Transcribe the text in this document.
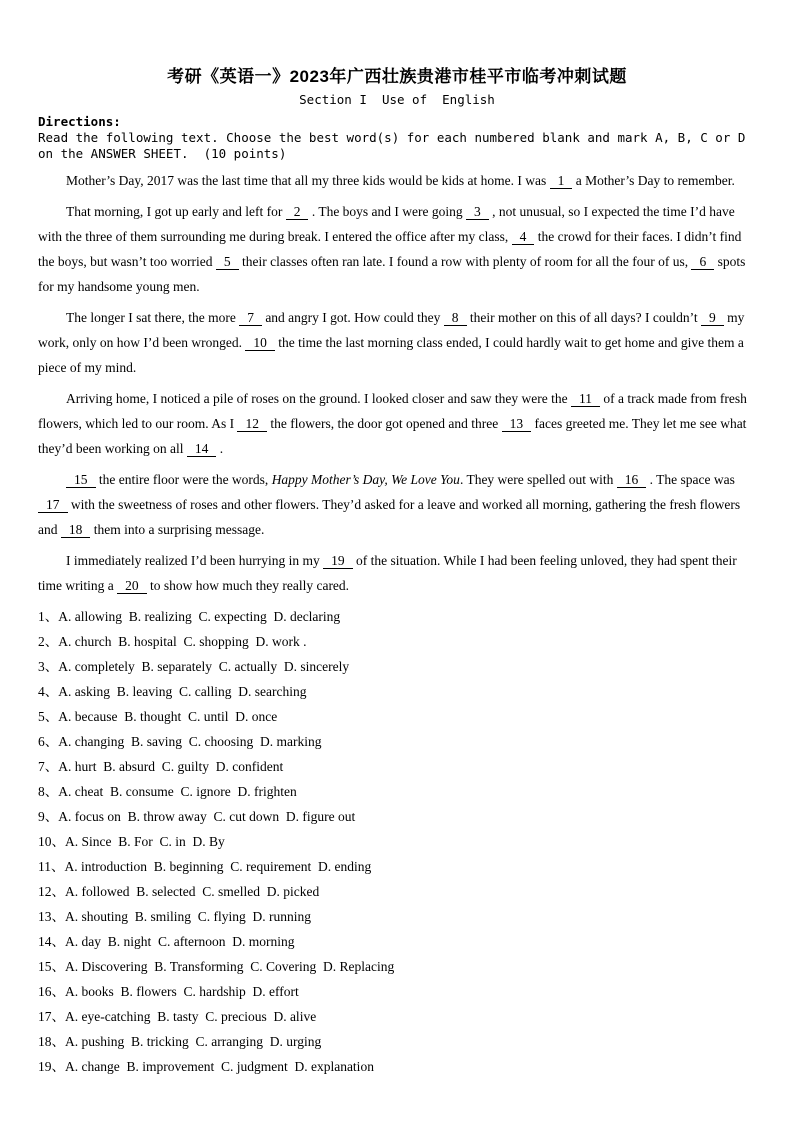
考研《英语一》2023年广西壮族贵港市桂平市临考冲刺试题
Section I  Use of  English
Directions:
Read the following text. Choose the best word(s) for each numbered blank and mark A, B, C or D on the ANSWER SHEET.  (10 points)

Mother’s Day, 2017 was the last time that all my three kids would be kids at home. I was 1 a Mother’s Day to remember.

That morning, I got up early and left for 2 . The boys and I were going 3 , not unusual, so I expected the time I’d have with the three of them surrounding me during break. I entered the office after my class, 4 the crowd for their faces. I didn’t find the boys, but wasn’t too worried 5 their classes often ran late. I found a row with plenty of room for all the four of us, 6 spots for my handsome young men.

The longer I sat there, the more 7 and angry I got. How could they 8 their mother on this of all days? I couldn’t 9 my work, only on how I’d been wronged. 10 the time the last morning class ended, I could hardly wait to get home and give them a piece of my mind.

Arriving home, I noticed a pile of roses on the ground. I looked closer and saw they were the 11 of a track made from fresh flowers, which led to our room. As I 12 the flowers, the door got opened and three 13 faces greeted me. They let me see what they’d been working on all 14 .

15 the entire floor were the words, Happy Mother’s Day, We Love You. They were spelled out with 16 . The space was 17 with the sweetness of roses and other flowers. They’d asked for a leave and worked all morning, gathering the fresh flowers and 18 them into a surprising message.

I immediately realized I’d been hurrying in my 19 of the situation. While I had been feeling unloved, they had spent their time writing a 20 to show how much they really cared.

1、A. allowing  B. realizing  C. expecting  D. declaring
2、A. church  B. hospital  C. shopping  D. work .
3、A. completely  B. separately  C. actually  D. sincerely
4、A. asking  B. leaving  C. calling  D. searching
5、A. because  B. thought  C. until  D. once
6、A. changing  B. saving  C. choosing  D. marking
7、A. hurt  B. absurd  C. guilty  D. confident
8、A. cheat  B. consume  C. ignore  D. frighten
9、A. focus on  B. throw away  C. cut down  D. figure out
10、A. Since  B. For  C. in  D. By
11、A. introduction  B. beginning  C. requirement  D. ending
12、A. followed  B. selected  C. smelled  D. picked
13、A. shouting  B. smiling  C. flying  D. running
14、A. day  B. night  C. afternoon  D. morning
15、A. Discovering  B. Transforming  C. Covering  D. Replacing
16、A. books  B. flowers  C. hardship  D. effort
17、A. eye-catching  B. tasty  C. precious  D. alive
18、A. pushing  B. tricking  C. arranging  D. urging
19、A. change  B. improvement  C. judgment  D. explanation
